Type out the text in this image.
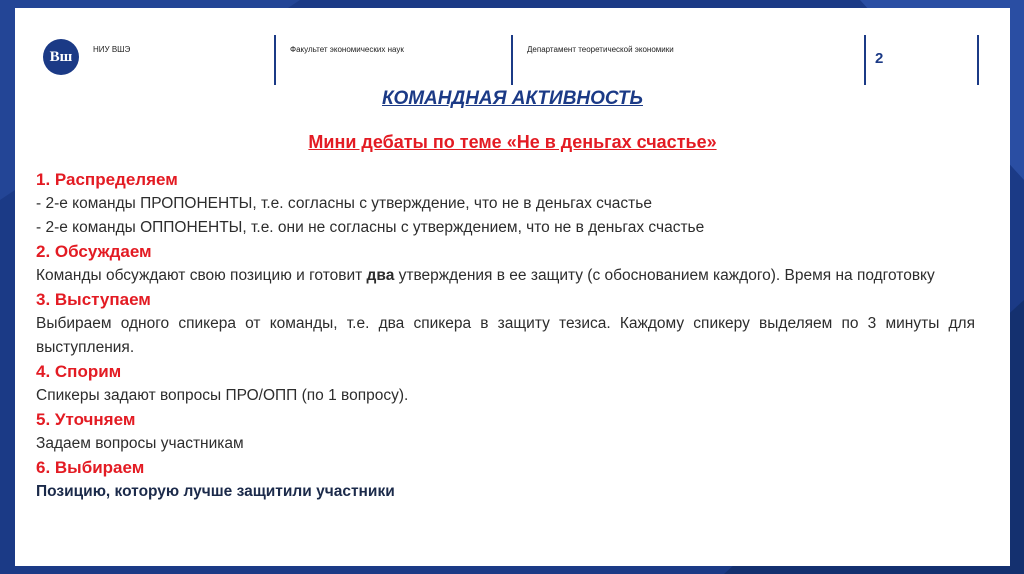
Вш	НИУ ВШЭ	Факультет экономических наук	Департамент теоретической экономики
2
КОМАНДНАЯ АКТИВНОСТЬ
Мини дебаты по теме «Не в деньгах счастье»
1. Распределяем
- 2-е команды ПРОПОНЕНТЫ, т.е. согласны с утверждение, что не в деньгах счастье
- 2-е команды ОППОНЕНТЫ, т.е. они не согласны с утверждением, что не в деньгах счастье
2. Обсуждаем
Команды обсуждают свою позицию и готовит два утверждения в ее защиту (с обоснованием каждого). Время на подготовку
3. Выступаем
Выбираем одного спикера от команды, т.е. два спикера в защиту тезиса. Каждому спикеру выделяем по 3 минуты для выступления.
4. Спорим
Спикеры задают вопросы ПРО/ОПП (по 1 вопросу).
5. Уточняем
Задаем вопросы участникам
6. Выбираем
Позицию, которую лучше защитили участники
